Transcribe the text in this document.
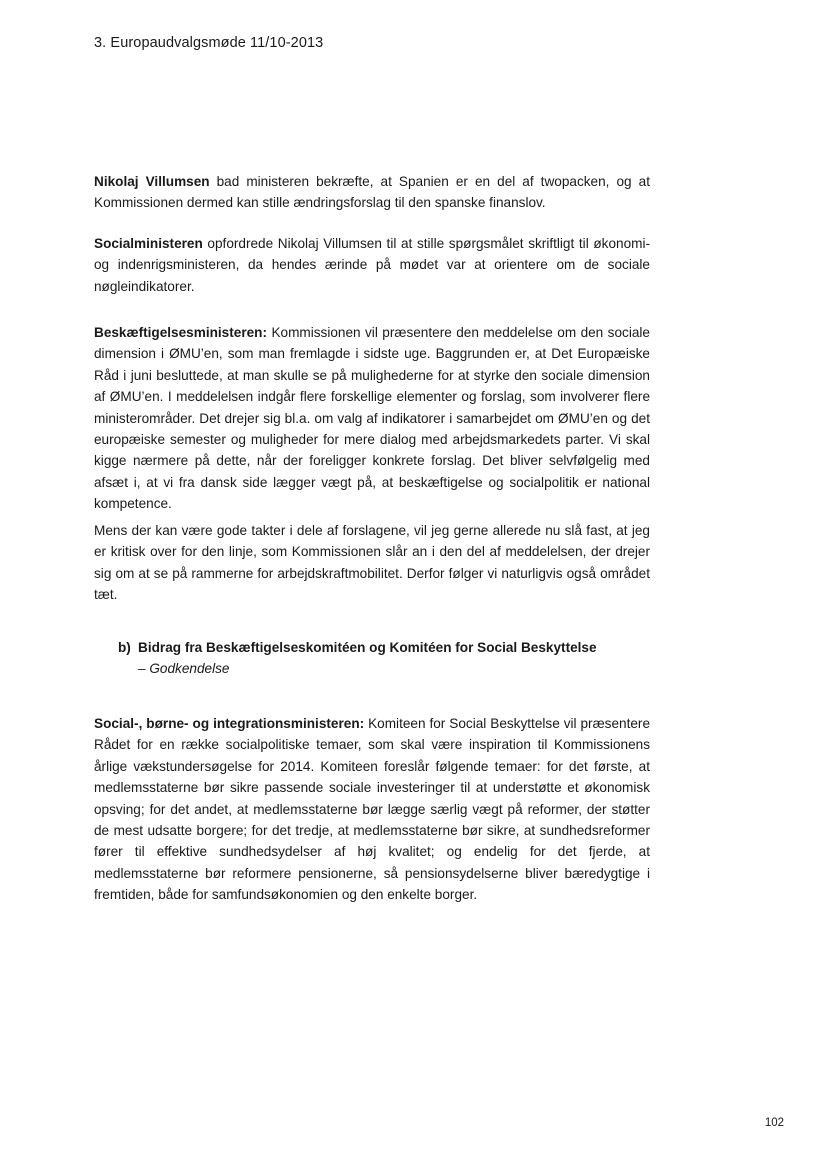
3. Europaudvalgsmøde 11/10-2013

Nikolaj Villumsen bad ministeren bekræfte, at Spanien er en del af twopacken, og at Kommissionen dermed kan stille ændringsforslag til den spanske finanslov.

Socialministeren opfordrede Nikolaj Villumsen til at stille spørgsmålet skriftligt til økonomi- og indenrigsministeren, da hendes ærinde på mødet var at orientere om de sociale nøgleindikatorer.

Beskæftigelsesministeren: Kommissionen vil præsentere den meddelelse om den sociale dimension i ØMU’en, som man fremlagde i sidste uge. Baggrunden er, at Det Europæiske Råd i juni besluttede, at man skulle se på mulighederne for at styrke den sociale dimension af ØMU’en. I meddelelsen indgår flere forskellige elementer og forslag, som involverer flere ministerområder. Det drejer sig bl.a. om valg af indikatorer i samarbejdet om ØMU’en og det europæiske semester og muligheder for mere dialog med arbejdsmarkedets parter. Vi skal kigge nærmere på dette, når der foreligger konkrete forslag. Det bliver selvfølgelig med afsæt i, at vi fra dansk side lægger vægt på, at beskæftigelse og socialpolitik er national kompetence.

Mens der kan være gode takter i dele af forslagene, vil jeg gerne allerede nu slå fast, at jeg er kritisk over for den linje, som Kommissionen slår an i den del af meddelelsen, der drejer sig om at se på rammerne for arbejdskraftmobilitet. Derfor følger vi naturligvis også området tæt.

b) Bidrag fra Beskæftigelseskomitéen og Komitéen for Social Beskyttelse
– Godkendelse

Social-, børne- og integrationsministeren: Komiteen for Social Beskyttelse vil præsentere Rådet for en række socialpolitiske temaer, som skal være inspiration til Kommissionens årlige vækstundersøgelse for 2014. Komiteen foreslår følgende temaer: for det første, at medlemsstaterne bør sikre passende sociale investeringer til at understøtte et økonomisk opsving; for det andet, at medlemsstaterne bør lægge særlig vægt på reformer, der støtter de mest udsatte borgere; for det tredje, at medlemsstaterne bør sikre, at sundhedsreformer fører til effektive sundhedsydelser af høj kvalitet; og endelig for det fjerde, at medlemsstaterne bør reformere pensionerne, så pensionsydelserne bliver bæredygtige i fremtiden, både for samfundsøkonomien og den enkelte borger.

102
